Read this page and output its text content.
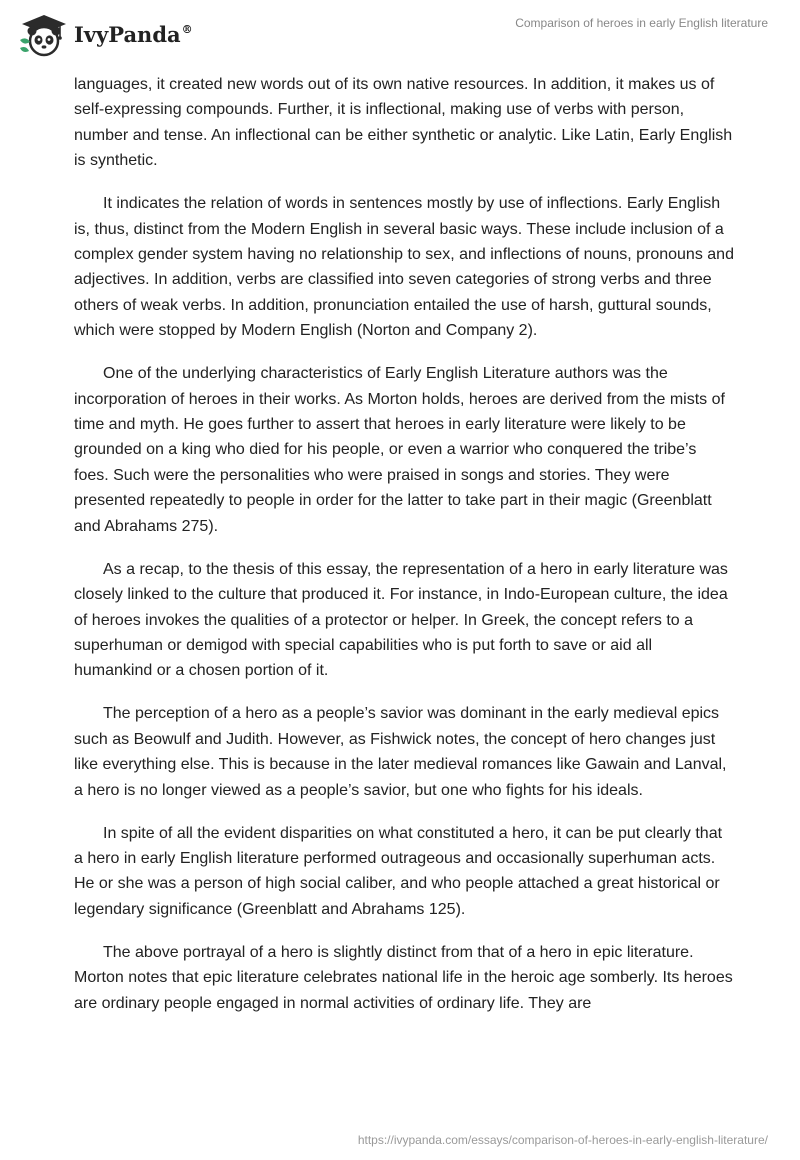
IvyPanda®	Comparison of heroes in early English literature

languages, it created new words out of its own native resources. In addition, it makes us of self-expressing compounds. Further, it is inflectional, making use of verbs with person, number and tense. An inflectional can be either synthetic or analytic. Like Latin, Early English is synthetic.

It indicates the relation of words in sentences mostly by use of inflections. Early English is, thus, distinct from the Modern English in several basic ways. These include inclusion of a complex gender system having no relationship to sex, and inflections of nouns, pronouns and adjectives. In addition, verbs are classified into seven categories of strong verbs and three others of weak verbs. In addition, pronunciation entailed the use of harsh, guttural sounds, which were stopped by Modern English (Norton and Company 2).

One of the underlying characteristics of Early English Literature authors was the incorporation of heroes in their works. As Morton holds, heroes are derived from the mists of time and myth. He goes further to assert that heroes in early literature were likely to be grounded on a king who died for his people, or even a warrior who conquered the tribe’s foes. Such were the personalities who were praised in songs and stories. They were presented repeatedly to people in order for the latter to take part in their magic (Greenblatt and Abrahams 275).

As a recap, to the thesis of this essay, the representation of a hero in early literature was closely linked to the culture that produced it. For instance, in Indo-European culture, the idea of heroes invokes the qualities of a protector or helper. In Greek, the concept refers to a superhuman or demigod with special capabilities who is put forth to save or aid all humankind or a chosen portion of it.

The perception of a hero as a people’s savior was dominant in the early medieval epics such as Beowulf and Judith. However, as Fishwick notes, the concept of hero changes just like everything else. This is because in the later medieval romances like Gawain and Lanval, a hero is no longer viewed as a people’s savior, but one who fights for his ideals.

In spite of all the evident disparities on what constituted a hero, it can be put clearly that a hero in early English literature performed outrageous and occasionally superhuman acts. He or she was a person of high social caliber, and who people attached a great historical or legendary significance (Greenblatt and Abrahams 125).

The above portrayal of a hero is slightly distinct from that of a hero in epic literature. Morton notes that epic literature celebrates national life in the heroic age somberly. Its heroes are ordinary people engaged in normal activities of ordinary life. They are

https://ivypanda.com/essays/comparison-of-heroes-in-early-english-literature/
